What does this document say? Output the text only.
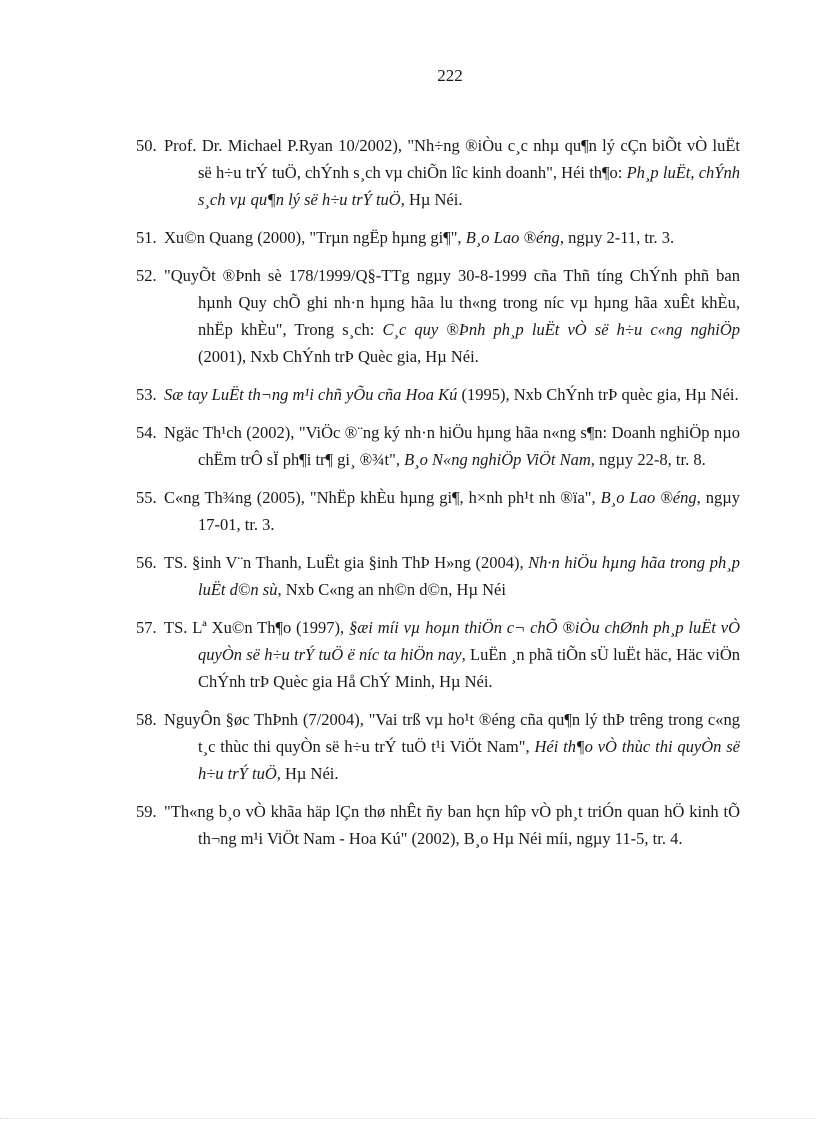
222
50. Prof. Dr. Michael P.Ryan 10/2002), "Nh÷ng ®iÒu c¸c nhµ qu¶n lý cÇn biÕt vÒ luËt së h÷u trÝ tuÖ, chÝnh s¸ch vµ chiÕn lîc kinh doanh", Héi th¶o: Ph¸p luËt, chÝnh s¸ch vµ qu¶n lý së h÷u trÝ tuÖ, Hµ Néi.
51. Xu©n Quang (2000), "Trµn ngËp hµng gi¶", B¸o Lao ®éng, ngµy 2-11, tr. 3.
52. "QuyÕt ®Þnh sè 178/1999/Q§-TTg ngµy 30-8-1999 cña Thñ tíng ChÝnh phñ ban hµnh Quy chÕ ghi nh·n hµng hãa lu th«ng trong níc vµ hµng hãa xuÊt khÈu, nhËp khÈu", Trong s¸ch: C¸c quy ®Þnh ph¸p luËt vÒ së h÷u c«ng nghiÖp (2001), Nxb ChÝnh trÞ Quèc gia, Hµ Néi.
53. Sæ tay LuËt th¬ng m¹i chñ yÕu cña Hoa Kú (1995), Nxb ChÝnh trÞ quèc gia, Hµ Néi.
54. Ngäc Th¹ch (2002), "ViÖc ®¨ng ký nh·n hiÖu hµng hãa n«ng s¶n: Doanh nghiÖp nµo chËm trÔ sÏ ph¶i tr¶ gi¸ ®¾t", B¸o N«ng nghiÖp ViÖt Nam, ngµy 22-8, tr. 8.
55. C«ng Th¾ng (2005), "NhËp khÈu hµng gi¶, h×nh ph¹t nh ®ïa", B¸o Lao ®éng, ngµy 17-01, tr. 3.
56. TS. §inh V¨n Thanh, LuËt gia §inh ThÞ H»ng (2004), Nh·n hiÖu hµng hãa trong ph¸p luËt d©n sù, Nxb C«ng an nh©n d©n, Hµ Néi
57. TS. Lª Xu©n Th¶o (1997), §æi míi vµ hoµn thiÖn c¬ chÕ ®iÒu chØnh ph¸p luËt vÒ quyÒn së h÷u trÝ tuÖ ë níc ta hiÖn nay, LuËn ¸n phã tiÕn sÜ luËt häc, Häc viÖn ChÝnh trÞ Quèc gia Hå ChÝ Minh, Hµ Néi.
58. NguyÔn §øc ThÞnh (7/2004), "Vai trß vµ ho¹t ®éng cña qu¶n lý thÞ trêng trong c«ng t¸c thùc thi quyÒn së h÷u trÝ tuÖ t¹i ViÖt Nam", Héi th¶o vÒ thùc thi quyÒn së h÷u trÝ tuÖ, Hµ Néi.
59. "Th«ng b¸o vÒ khãa häp lÇn thø nhÊt ñy ban hçn hîp vÒ ph¸t triÓn quan hÖ kinh tÕ th¬ng m¹i ViÖt Nam - Hoa Kú" (2002), B¸o Hµ Néi míi, ngµy 11-5, tr. 4.
